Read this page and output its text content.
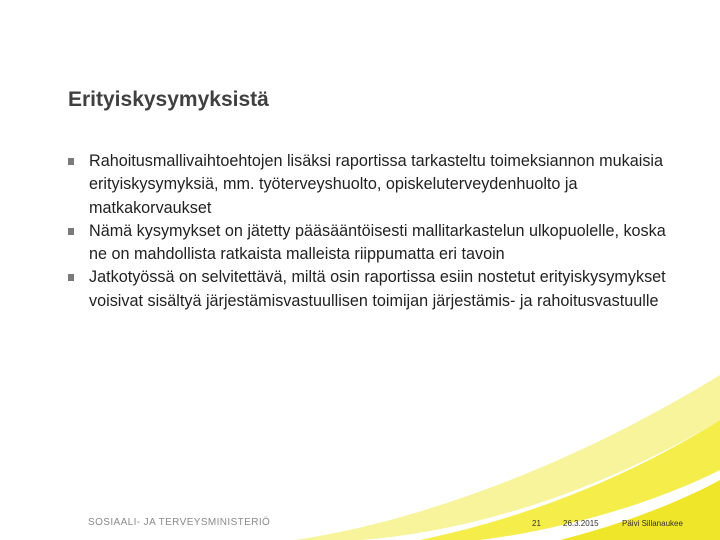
Erityiskysymyksistä
Rahoitusmallivaihtoehtojen lisäksi raportissa tarkasteltu toimeksiannon mukaisia erityiskysymyksiä, mm. työterveyshuolto, opiskeluterveydenhuolto ja matkakorvaukset
Nämä kysymykset on jätetty pääsääntöisesti mallitarkastelun ulkopuolelle, koska ne on mahdollista ratkaista malleista riippumatta eri tavoin
Jatkotyössä on selvitettävä, miltä osin raportissa esiin nostetut erityiskysymykset voisivat sisältyä järjestämisvastuullisen toimijan järjestämis- ja rahoitusvastuulle
SOSIAALI- JA TERVEYSMINISTERIÖ	21	26.3.2015	Päivi Sillanaukee
